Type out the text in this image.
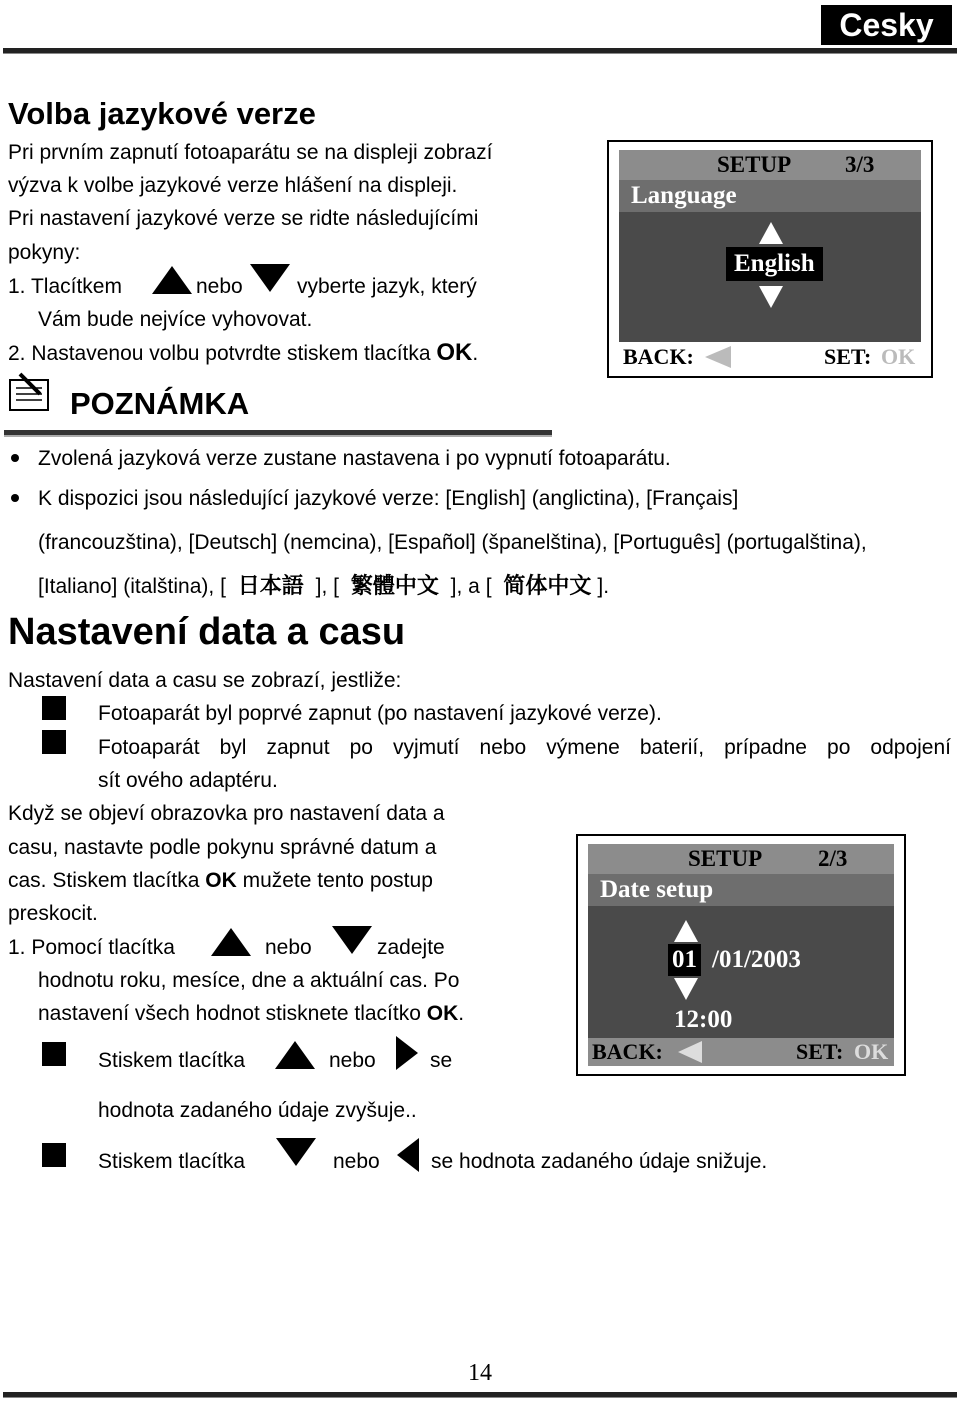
Cesky
Volba jazykové verze
Pri prvním zapnutí fotoaparátu se na displeji zobrazí
výzva k volbe jazykové verze hlášení na displeji.
Pri nastavení jazykové verze se ridte následujícími
pokyny:
1. Tlacítkem	nebo	vyberte jazyk, který
Vám bude nejvíce vyhovovat.
2. Nastavenou volbu potvrdte stiskem tlacítka OK.
SETUP 3/3
Language
English
BACK:	SET: OK
POZNÁMKA
Zvolená jazyková verze zustane nastavena i po vypnutí fotoaparátu.
K dispozici jsou následující jazykové verze: [English] (anglictina), [Français]
(francouzština), [Deutsch] (nemcina), [Español] (španelština), [Português] (portugalština),
[Italiano] (italština), [ 日本語 ], [ 繁體中文 ], a [ 简体中文 ].
Nastavení data a casu
Nastavení data a casu se zobrazí, jestliže:
Fotoaparát byl poprvé zapnut (po nastavení jazykové verze).
Fotoaparát byl zapnut po vyjmutí nebo výmene baterií, prípadne po odpojení
sít ového adaptéru.
Když se objeví obrazovka pro nastavení data a
casu, nastavte podle pokynu správné datum a
cas. Stiskem tlacítka OK mužete tento postup
preskocit.
1. Pomocí tlacítka	nebo	zadejte
hodnotu roku, mesíce, dne a aktuální cas. Po
nastavení všech hodnot stisknete tlacítko OK.
Stiskem tlacítka	nebo	se
hodnota zadaného údaje zvyšuje..
Stiskem tlacítka	nebo se hodnota zadaného údaje snižuje.
SETUP 2/3
Date setup
01 /01/2003
12:00
BACK:	SET: OK
14
